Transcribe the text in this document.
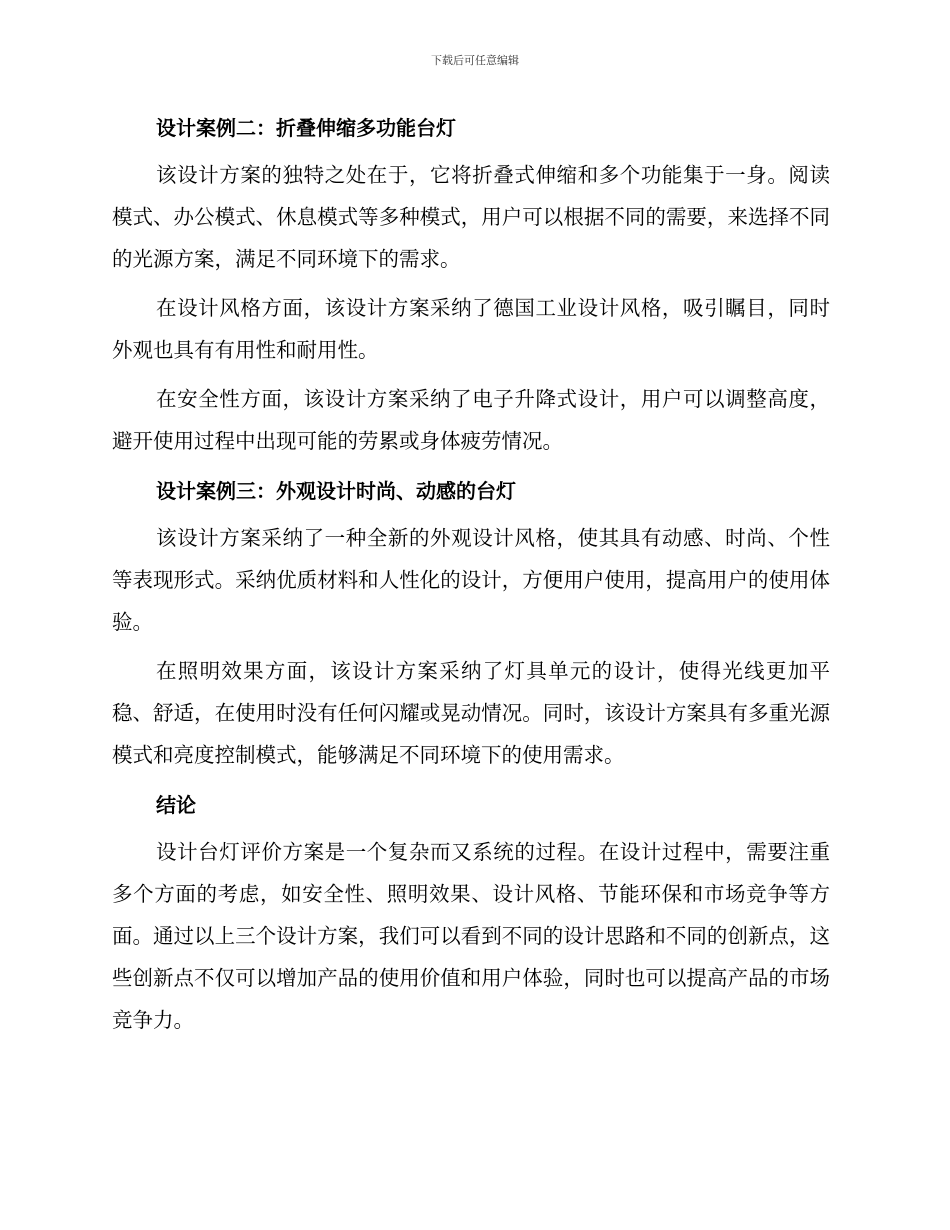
下载后可任意编辑
设计案例二：折叠伸缩多功能台灯

该设计方案的独特之处在于，它将折叠式伸缩和多个功能集于一身。阅读模式、办公模式、休息模式等多种模式，用户可以根据不同的需要，来选择不同的光源方案，满足不同环境下的需求。

在设计风格方面，该设计方案采纳了德国工业设计风格，吸引瞩目，同时外观也具有有用性和耐用性。

在安全性方面，该设计方案采纳了电子升降式设计，用户可以调整高度，避开使用过程中出现可能的劳累或身体疲劳情况。

设计案例三：外观设计时尚、动感的台灯

该设计方案采纳了一种全新的外观设计风格，使其具有动感、时尚、个性等表现形式。采纳优质材料和人性化的设计，方便用户使用，提高用户的使用体验。

在照明效果方面，该设计方案采纳了灯具单元的设计，使得光线更加平稳、舒适，在使用时没有任何闪耀或晃动情况。同时，该设计方案具有多重光源模式和亮度控制模式，能够满足不同环境下的使用需求。

结论

设计台灯评价方案是一个复杂而又系统的过程。在设计过程中，需要注重多个方面的考虑，如安全性、照明效果、设计风格、节能环保和市场竞争等方面。通过以上三个设计方案，我们可以看到不同的设计思路和不同的创新点，这些创新点不仅可以增加产品的使用价值和用户体验，同时也可以提高产品的市场竞争力。
